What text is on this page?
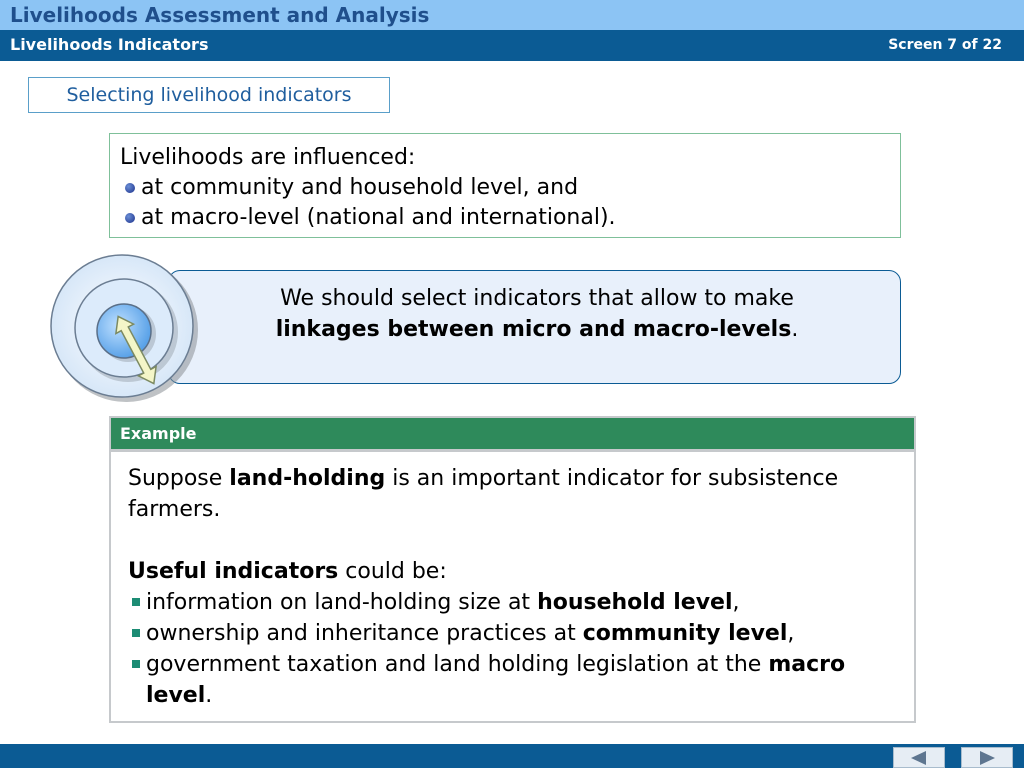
Livelihoods Assessment and Analysis
Livelihoods Indicators	Screen 7 of 22
Selecting livelihood indicators
Livelihoods are influenced:
at community and household level, and
at macro-level (national and international).
We should select indicators that allow to make
linkages between micro and macro-levels.
Example

Suppose land-holding is an important indicator for subsistence farmers.

Useful indicators could be:

information on land-holding size at household level,
ownership and inheritance practices at community level,
government taxation and land holding legislation at the macro level.
